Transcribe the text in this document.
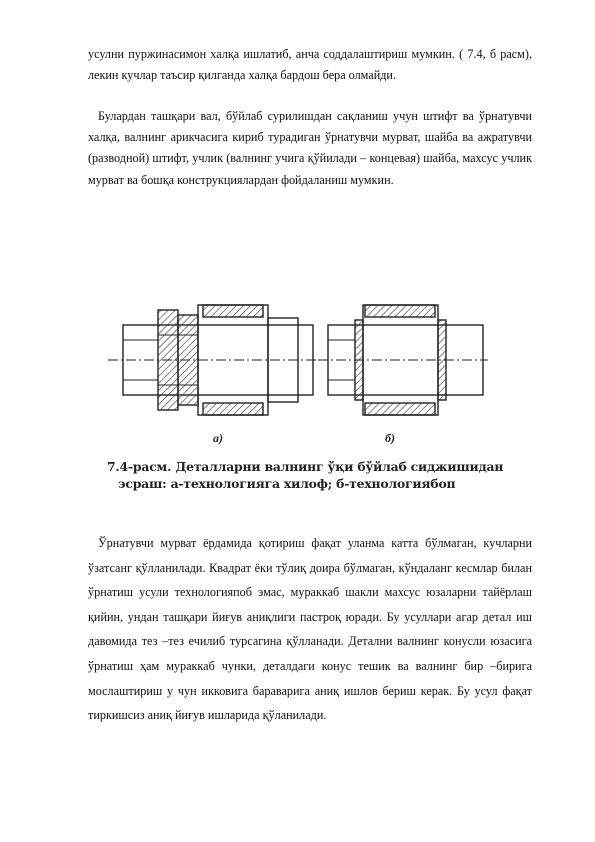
усулни пуржинасимон халқа ишлатиб, анча соддалаштириш мумкин. ( 7.4, б расм), лекин кучлар таъсир қилганда халқа бардош бера олмайди.

Булардан ташқари вал, бўйлаб сурилишдан сақланиш учун штифт ва ўрнатувчи халқа, валнинг арикчасига кириб турадиган ўрнатувчи мурват, шайба ва ажратувчи (разводной) штифт, учлик (валнинг учига қўйилади – концевая) шайба, махсус учлик мурват ва бошқа конструкциялардан фойдаланиш мумкин.

а)	б)
7.4-расм. Деталларни валнинг ўқи бўйлаб сиджишидан
эсраш: а-технологияга хилоф; б-технологиябоп

Ўрнатувчи мурват ёрдамида қотириш фақат уланма катта бўлмаган, кучларни ўзатсанг қўлланилади. Квадрат ёки тўлиқ доира бўлмаган, кўндаланг кесмлар билан ўрнатиш усули технологияпоб эмас, мураккаб шакли махсус юзаларни тайёрлаш қийин, ундан ташқари йиғув аниқлиги пастроқ юради. Бу усуллари агар детал иш давомида тез –тез ечилиб турсагина қўлланади. Детални валнинг конусли юзасига ўрнатиш ҳам мураккаб чунки, деталдаги конус тешик ва валнинг бир –бирига мослаштириш у чун икковига бараварига аниқ ишлов бериш керак. Бу усул фақат тиркишсиз аниқ йиғув ишларида қўланилади.
